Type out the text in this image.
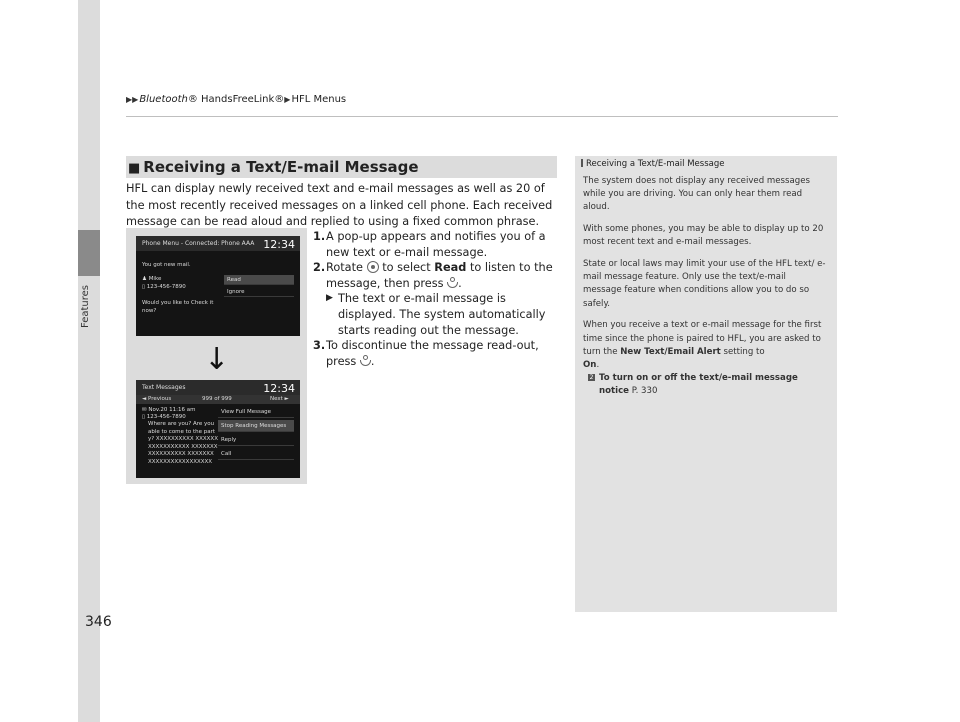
Features
346
▶▶Bluetooth® HandsFreeLink®▶HFL Menus
■ Receiving a Text/E-mail Message
HFL can display newly received text and e-mail messages as well as 20 of the most recently received messages on a linked cell phone. Each received message can be read aloud and replied to using a fixed common phrase.
Phone Menu - Connected: Phone AAA 12:34
You got new mail.
♟ Mike
▯ 123-456-7890
Would you like to Check it now?
Read
Ignore
↓
Text Messages	12:34
◄ Previous	999 of 999	Next ►
✉ Nov.20 11:16 am
▯ 123-456-7890
Where are you? Are you able to come to the party? XXXXXXXXXX XXXXXXXXXXXXXXXXX XXXXXXXXXXXXXXXXX XXXXXXX XXXXXXXXXXXXXXXXX
View Full Message
Stop Reading Messages
Reply
Call
1. A pop-up appears and notifies you of a new text or e-mail message.
2. Rotate to select Read to listen to the message, then press .
▶ The text or e-mail message is displayed. The system automatically starts reading out the message.
3. To discontinue the message read-out, press .
Receiving a Text/E-mail Message

The system does not display any received messages while you are driving. You can only hear them read aloud.

With some phones, you may be able to display up to 20 most recent text and e-mail messages.

State or local laws may limit your use of the HFL text/ e-mail message feature. Only use the text/e-mail message feature when conditions allow you to do so safely.

When you receive a text or e-mail message for the first time since the phone is paired to HFL, you are asked to turn the New Text/Email Alert setting to
On.

2 To turn on or off the text/e-mail message notice P. 330
